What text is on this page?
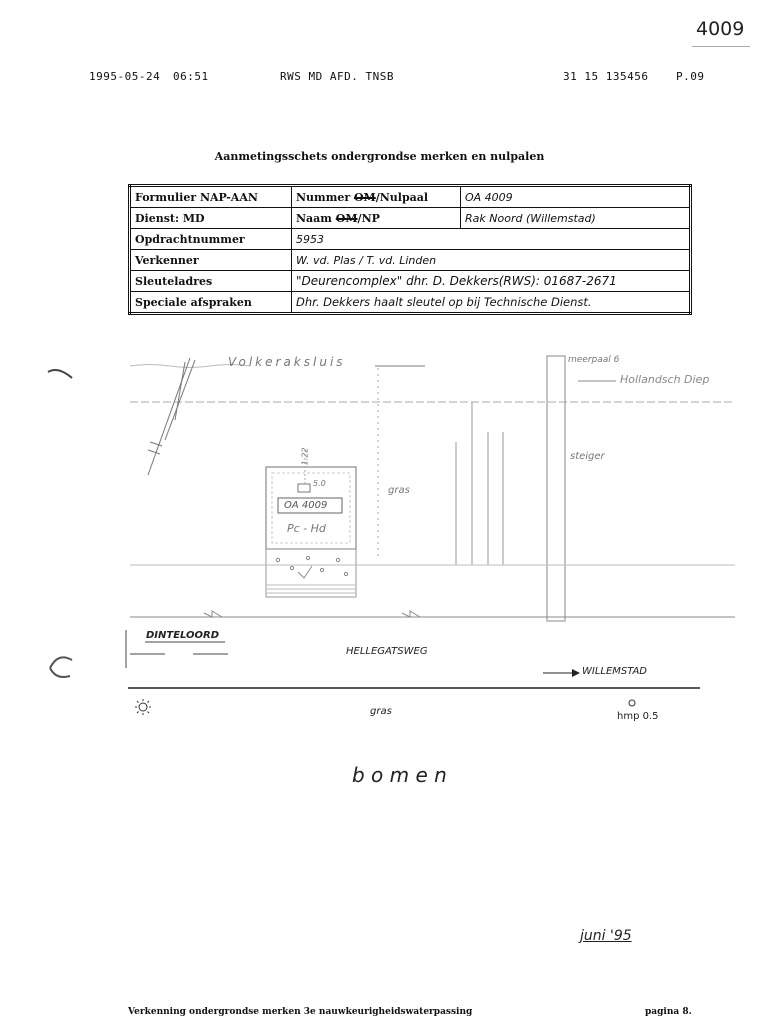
4009
1995-05-24 06:51	RWS MD AFD. TNSB	31 15 135456	P.09
Aanmetingsschets ondergrondse merken en nulpalen
Formulier NAP-AAN	Nummer OM/Nulpaal	OA 4009
Dienst: MD	Naam OM/NP	Rak Noord (Willemstad)
Opdrachtnummer	5953	
Verkenner	W. vd. Plas / T. vd. Linden	
Sleuteladres	"Deurencomplex" dhr. D. Dekkers(RWS): 01687-2671	
Speciale afspraken	Dhr. Dekkers haalt sleutel op bij Technische Dienst.	
Volkeraksluis	meerpaal 6
Hollandsch Diep
steiger
gras
1.22
5.0
OA 4009
Pc - Hd
DINTELOORD
HELLEGATSWEG
WILLEMSTAD
gras	hmp 0.5
b o m e n
juni '95
Verkenning ondergrondse merken 3e nauwkeurigheidswaterpassing	pagina 8.
